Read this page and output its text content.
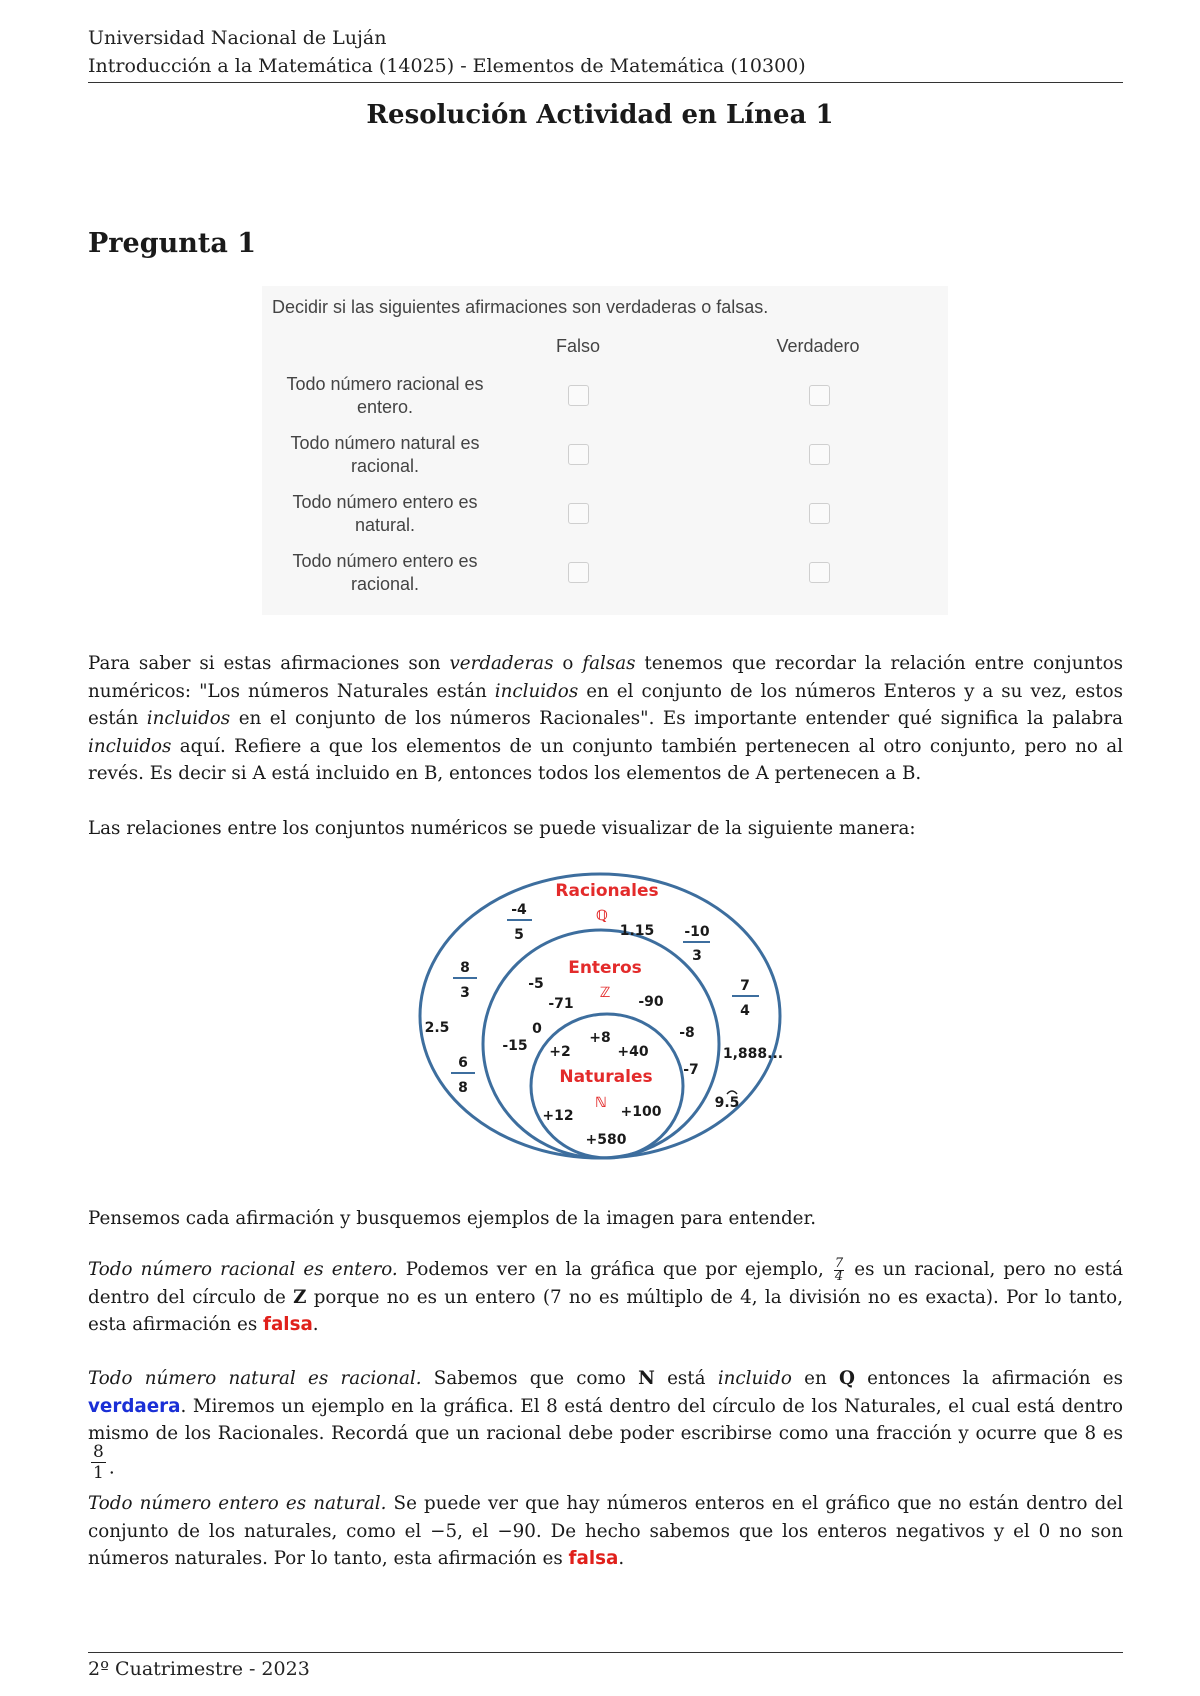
Universidad Nacional de Luján
Introducción a la Matemática (14025) - Elementos de Matemática (10300)
Resolución Actividad en Línea 1
Pregunta 1
Decidir si las siguientes afirmaciones son verdaderas o falsas.
Falso	Verdadero
Todo número racional es
entero.
Todo número natural es
racional.
Todo número entero es
natural.
Todo número entero es
racional.

Para saber si estas afirmaciones son verdaderas o falsas tenemos que recordar la relación entre conjuntos numéricos: "Los números Naturales están incluidos en el conjunto de los números Enteros y a su vez, estos están incluidos en el conjunto de los números Racionales". Es importante entender qué significa la palabra incluidos aquí. Refiere a que los elementos de un conjunto también pertenecen al otro conjunto, pero no al revés. Es decir si A está incluido en B, entonces todos los elementos de A pertenecen a B.

Las relaciones entre los conjuntos numéricos se puede visualizar de la siguiente manera:
Racionales
ℚ
Enteros
ℤ
Naturales
ℕ
-4
5	1.15 -10
3
8
3	7
4
2.5
1,888...
6
8
9.5
-5
-71	-90
0	-8
-15
-7
+8
+2	+40
+12	+100
+580
Pensemos cada afirmación y busquemos ejemplos de la imagen para entender.

Todo número racional es entero. Podemos ver en la gráfica que por ejemplo, $\frac{7}{4}$ es un racional, pero no está dentro del círculo de Z porque no es un entero (7 no es múltiplo de 4, la división no es exacta). Por lo tanto, esta afirmación es falsa.

Todo número natural es racional. Sabemos que como N está incluido en Q entonces la afirmación es verdaera. Miremos un ejemplo en la gráfica. El 8 está dentro del círculo de los Naturales, el cual está dentro mismo de los Racionales. Recordá que un racional debe poder escribirse como una fracción y ocurre que 8 es
$\frac{8}{1}$ .

Todo número entero es natural. Se puede ver que hay números enteros en el gráfico que no están dentro del conjunto de los naturales, como el −5, el −90. De hecho sabemos que los enteros negativos y el 0 no son números naturales. Por lo tanto, esta afirmación es falsa.

2º Cuatrimestre - 2023
